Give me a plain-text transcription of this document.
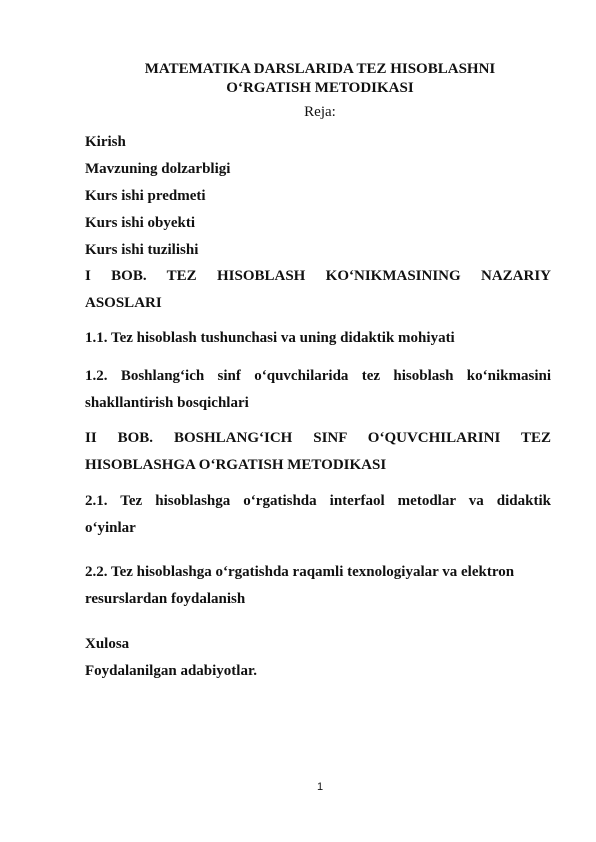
MATEMATIKA DARSLARIDA TEZ HISOBLASHNI
O‘RGATISH METODIKASI
Reja:
Kirish
Mavzuning dolzarbligi
Kurs ishi predmeti
Kurs ishi obyekti
Kurs ishi tuzilishi
I BOB. TEZ HISOBLASH KO‘NIKMASINING NAZARIY
ASOSLARI
1.1. Tez hisoblash tushunchasi va uning didaktik mohiyati
1.2. Boshlang‘ich sinf o‘quvchilarida tez hisoblash ko‘nikmasini
shakllantirish bosqichlari
II BOB. BOSHLANG‘ICH SINF O‘QUVCHILARINI TEZ
HISOBLASHGA O‘RGATISH METODIKASI
2.1. Tez hisoblashga o‘rgatishda interfaol metodlar va didaktik
o‘yinlar
2.2. Tez hisoblashga o‘rgatishda raqamli texnologiyalar va elektron
resurslardan foydalanish
Xulosa
Foydalanilgan adabiyotlar.
1
